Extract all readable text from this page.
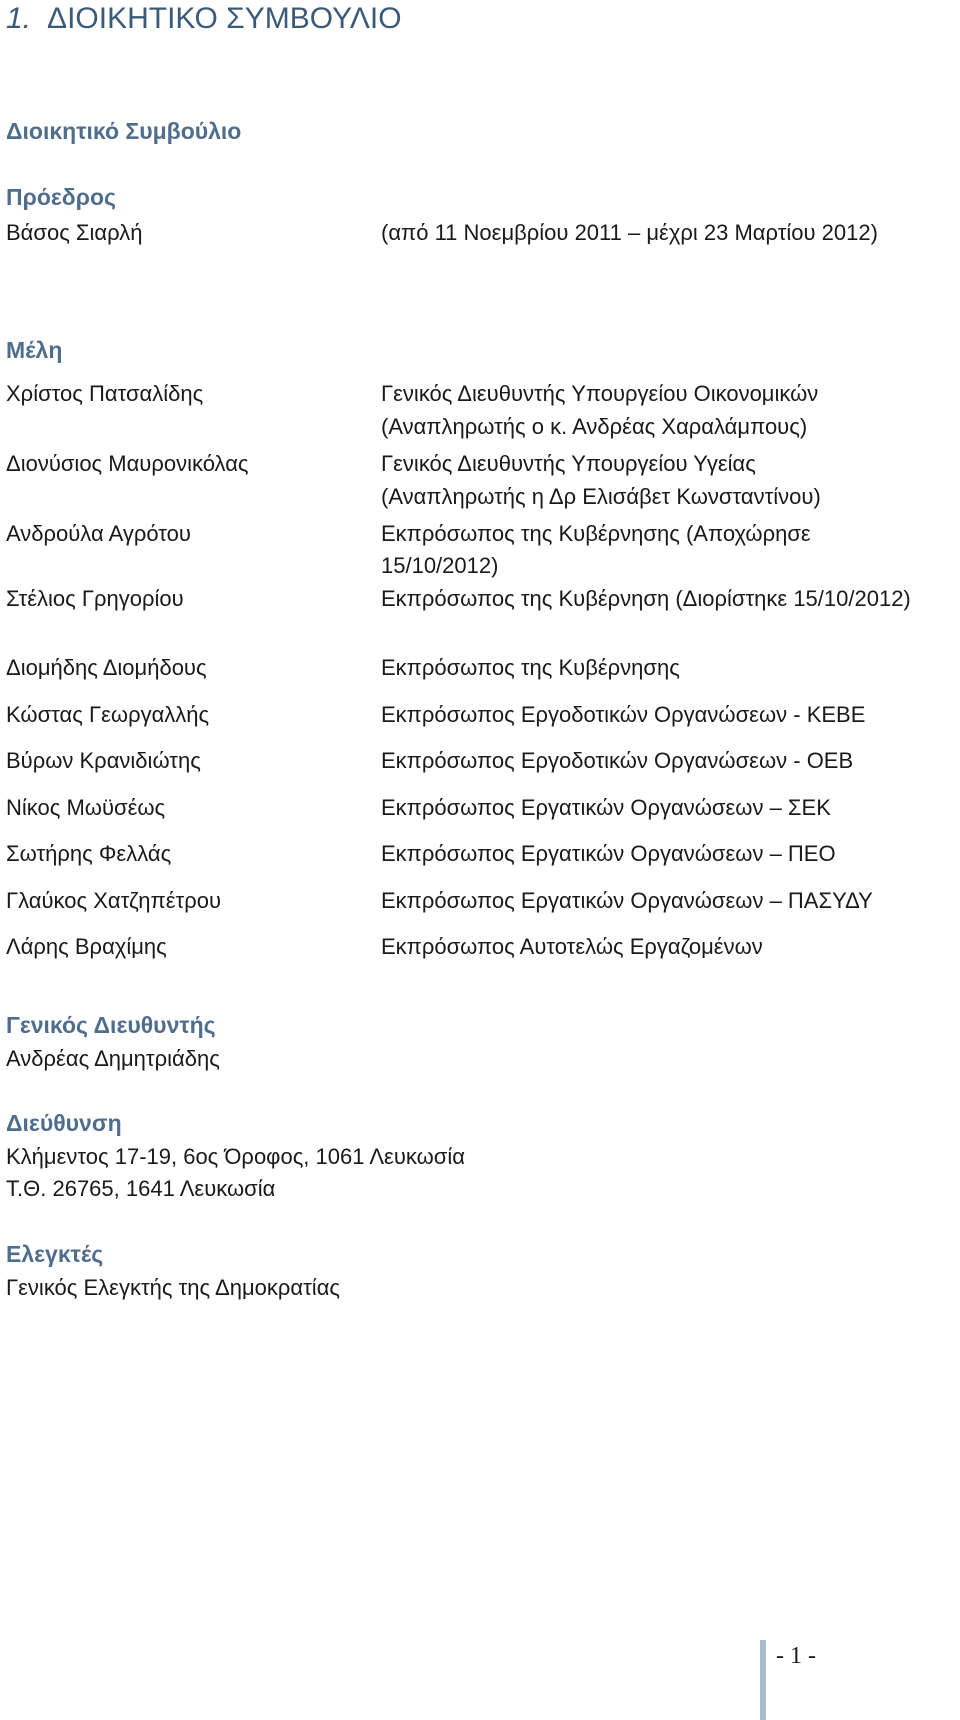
1. ΔΙΟΙΚΗΤΙΚΟ ΣΥΜΒΟΥΛΙΟ
Διοικητικό Συμβούλιο
Πρόεδρος
Βάσος Σιαρλή	(από 11 Νοεμβρίου 2011 – μέχρι 23 Μαρτίου 2012)
Μέλη
Χρίστος Πατσαλίδης	Γενικός Διευθυντής Υπουργείου Οικονομικών
(Αναπληρωτής ο κ. Ανδρέας Χαραλάμπους)
Διονύσιος Μαυρονικόλας	Γενικός Διευθυντής Υπουργείου Υγείας
(Αναπληρωτής η Δρ Ελισάβετ Κωνσταντίνου)
Ανδρούλα Αγρότου	Εκπρόσωπος της Κυβέρνησης (Αποχώρησε
15/10/2012)
Στέλιος Γρηγορίου	Εκπρόσωπος της Κυβέρνηση (Διορίστηκε 15/10/2012)
Διομήδης Διομήδους	Εκπρόσωπος της Κυβέρνησης
Κώστας Γεωργαλλής	Εκπρόσωπος Εργοδοτικών Οργανώσεων - ΚΕΒΕ
Βύρων Κρανιδιώτης	Εκπρόσωπος Εργοδοτικών Οργανώσεων - ΟΕΒ
Νίκος Μωϋσέως	Εκπρόσωπος Εργατικών Οργανώσεων – ΣΕΚ
Σωτήρης Φελλάς	Εκπρόσωπος Εργατικών Οργανώσεων – ΠΕΟ
Γλαύκος Χατζηπέτρου	Εκπρόσωπος Εργατικών Οργανώσεων – ΠΑΣΥΔΥ
Λάρης Βραχίμης	Εκπρόσωπος Αυτοτελώς Εργαζομένων
Γενικός Διευθυντής
Ανδρέας Δημητριάδης
Διεύθυνση
Κλήμεντος 17-19, 6ος Όροφος, 1061 Λευκωσία
Τ.Θ. 26765, 1641 Λευκωσία
Ελεγκτές
Γενικός Ελεγκτής της Δημοκρατίας
- 1 -
